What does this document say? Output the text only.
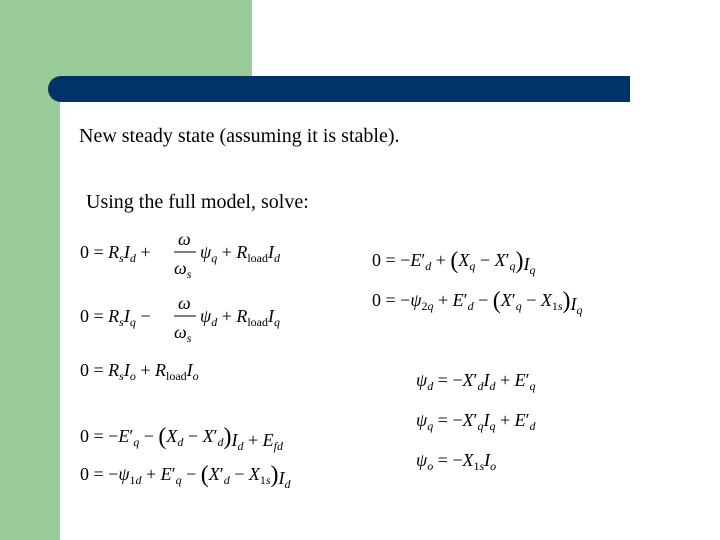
New steady state (assuming it is stable).
Using the full model, solve:
$0 = R_sI_d$ +
ω
$\omega_s$
$\psi_q + R_{load}I_d$
$0 = R_sI_q$ −
ω
$\omega_s$
$\psi_d + R_{load}I_q$
$0 = R_sI_o + R_{load}I_o$
$0 = -E'_q - (X_d - X'_d)I_d + E_{fd}$
$0 = -\psi_{1d} + E'_q - (X'_d - X_{1s})I_d$
$0 = -E'_d + (X_q - X'_q)I_q$
$0 = -\psi_{2q} + E'_d - (X'_q - X_{1s})I_q$
$\psi_d = -X'_dI_d + E'_q$
$\psi_q = -X'_qI_q + E'_d$
$\psi_o = -X_{1s}I_o$
